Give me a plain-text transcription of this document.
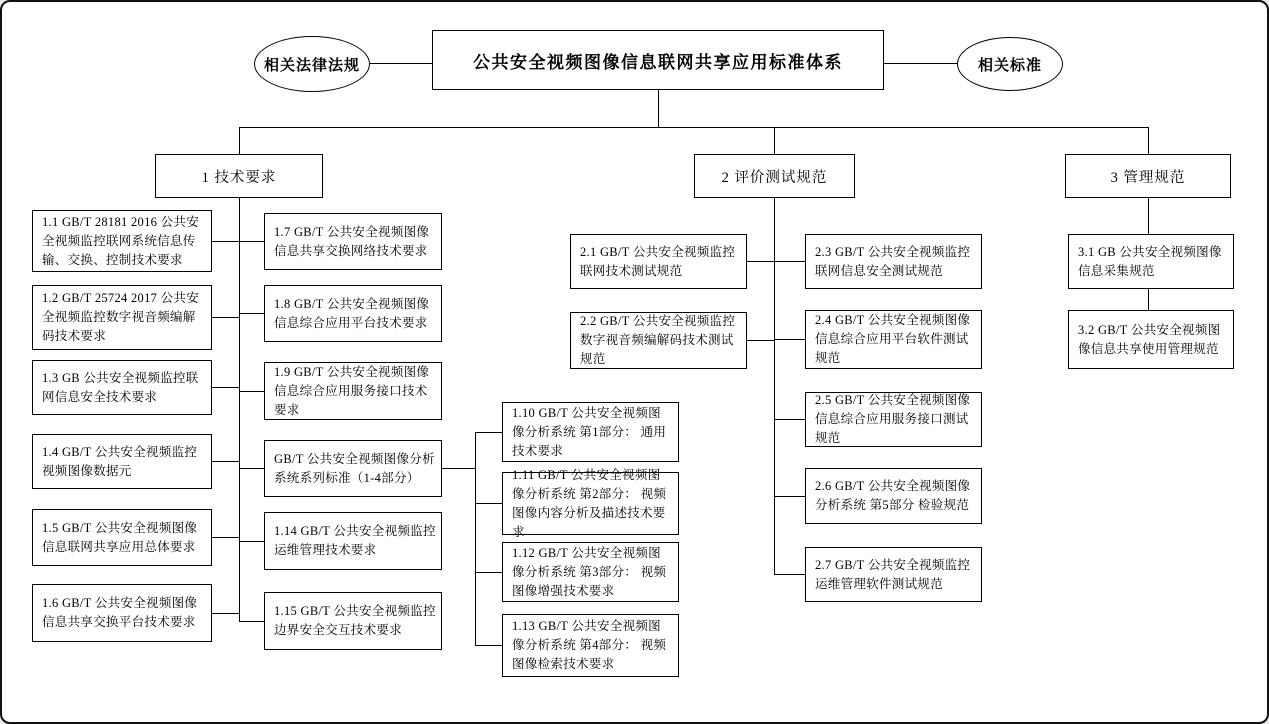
相关法律法规	公共安全视频图像信息联网共享应用标准体系	相关标准
1 技术要求	2 评价测试规范	3 管理规范
1.1 GB/T 28181 2016 公共安全视频监控联网系统信息传输、交换、控制技术要求
1.2 GB/T 25724 2017 公共安全视频监控数字视音频编解码技术要求
1.3 GB 公共安全视频监控联网信息安全技术要求
1.4 GB/T 公共安全视频监控视频图像数据元
1.5 GB/T 公共安全视频图像信息联网共享应用总体要求
1.6 GB/T 公共安全视频图像信息共享交换平台技术要求
1.7 GB/T 公共安全视频图像信息共享交换网络技术要求
1.8 GB/T 公共安全视频图像信息综合应用平台技术要求
1.9 GB/T 公共安全视频图像信息综合应用服务接口技术要求
GB/T 公共安全视频图像分析系统系列标准（1-4部分）
1.14 GB/T 公共安全视频监控运维管理技术要求
1.15 GB/T 公共安全视频监控边界安全交互技术要求
1.10 GB/T 公共安全视频图像分析系统 第1部分： 通用技术要求
1.11 GB/T 公共安全视频图像分析系统 第2部分： 视频图像内容分析及描述技术要求
1.12 GB/T 公共安全视频图像分析系统 第3部分： 视频图像增强技术要求
1.13 GB/T 公共安全视频图像分析系统 第4部分： 视频图像检索技术要求
2.1 GB/T 公共安全视频监控联网技术测试规范
2.2 GB/T 公共安全视频监控数字视音频编解码技术测试规范
2.3 GB/T 公共安全视频监控联网信息安全测试规范
2.4 GB/T 公共安全视频图像信息综合应用平台软件测试规范
2.5 GB/T 公共安全视频图像信息综合应用服务接口测试规范
2.6 GB/T 公共安全视频图像分析系统 第5部分 检验规范
2.7 GB/T 公共安全视频监控运维管理软件测试规范
3.1 GB 公共安全视频图像信息采集规范
3.2 GB/T 公共安全视频图像信息共享使用管理规范
